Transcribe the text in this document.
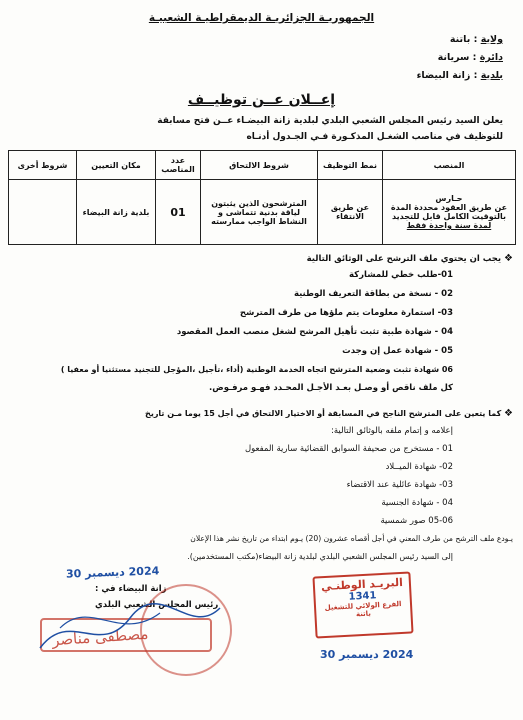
الجمهوريـة الجزائريـة الديمقراطيـة الشعبيـة
ولاية : باتنة
دائرة : سريانة
بلدية : زانة البيضاء
إعــلان عــن توظيــف
يعلن السيد رئيس المجلس الشعبي البلدي لبلدية زانة البيضـاء عــن فتح مسابقة
للتوظيف في مناصب الشغـل المذكـورة فـي الجـدول أدنـاه
المنصب	نمط التوظيف	شروط الالتحاق	عدد المناصب	مكان التعيين	شروط أخرى

حـارس
عن طريق العقود محددة المدة
بالتوقيت الكامل قابل للتجديد
لمدة سنة واحدة فقط	عن طريق الانتقاء	المترشحون الذين يثبتون لياقة بدنية تتماشى و النشاط الواجب ممارسته	01	بلدية زانة البيضاء	
❖ يجب ان يحتوي ملف الترشح على الوثائق التالية
01-طلب خطي للمشاركة
02 - نسخة من بطاقة التعريف الوطنية
03- استمارة معلومات يتم ملؤها من طرف المترشح
04 - شهادة طبية تثبت تأهيل المرشح لشغل منصب العمل المقصود
05 - شهادة عمل إن وجدت
06 شهادة تثبت وضعية المترشح اتجاه الخدمة الوطنية (أداء ،تأجيل ،المؤجل للتجنيد مستثنيا أو معفيا )
كل ملف ناقص أو وصـل بعـد الأجـل المحـدد فهـو مرفـوض.
❖ كما يتعين على المترشح الناجح في المسابقة أو الاختيار الالتحاق في أجل 15 يوما مـن تاريخ
إعلامه و إتمام ملفه بالوثائق التالية:
01 - مستخرج من صحيفة السوابق القضائية سارية المفعول
02- شهادة الميــلاد
03- شهادة عائلية عند الاقتضاء
04 - شهادة الجنسية
05-06 صور شمسية
يـودع ملف الترشح من طرف المعني في أجل أقصاه عشرون (20) يـوم ابتداء من تاريخ نشر هذا الإعلان
إلى السيد رئيس المجلس الشعبي البلدي لبلدية زانة البيضاء(مكتب المستخدمين).
2024 ديسمبر 30
زانة البيضاء في :
رئيس المجلس الشعبي البلدي
مصطفى مناصر
البريـد الوطنـي
1341
الفرع الولائي للتشغيل باتنة
2024 ديسمبر 30
